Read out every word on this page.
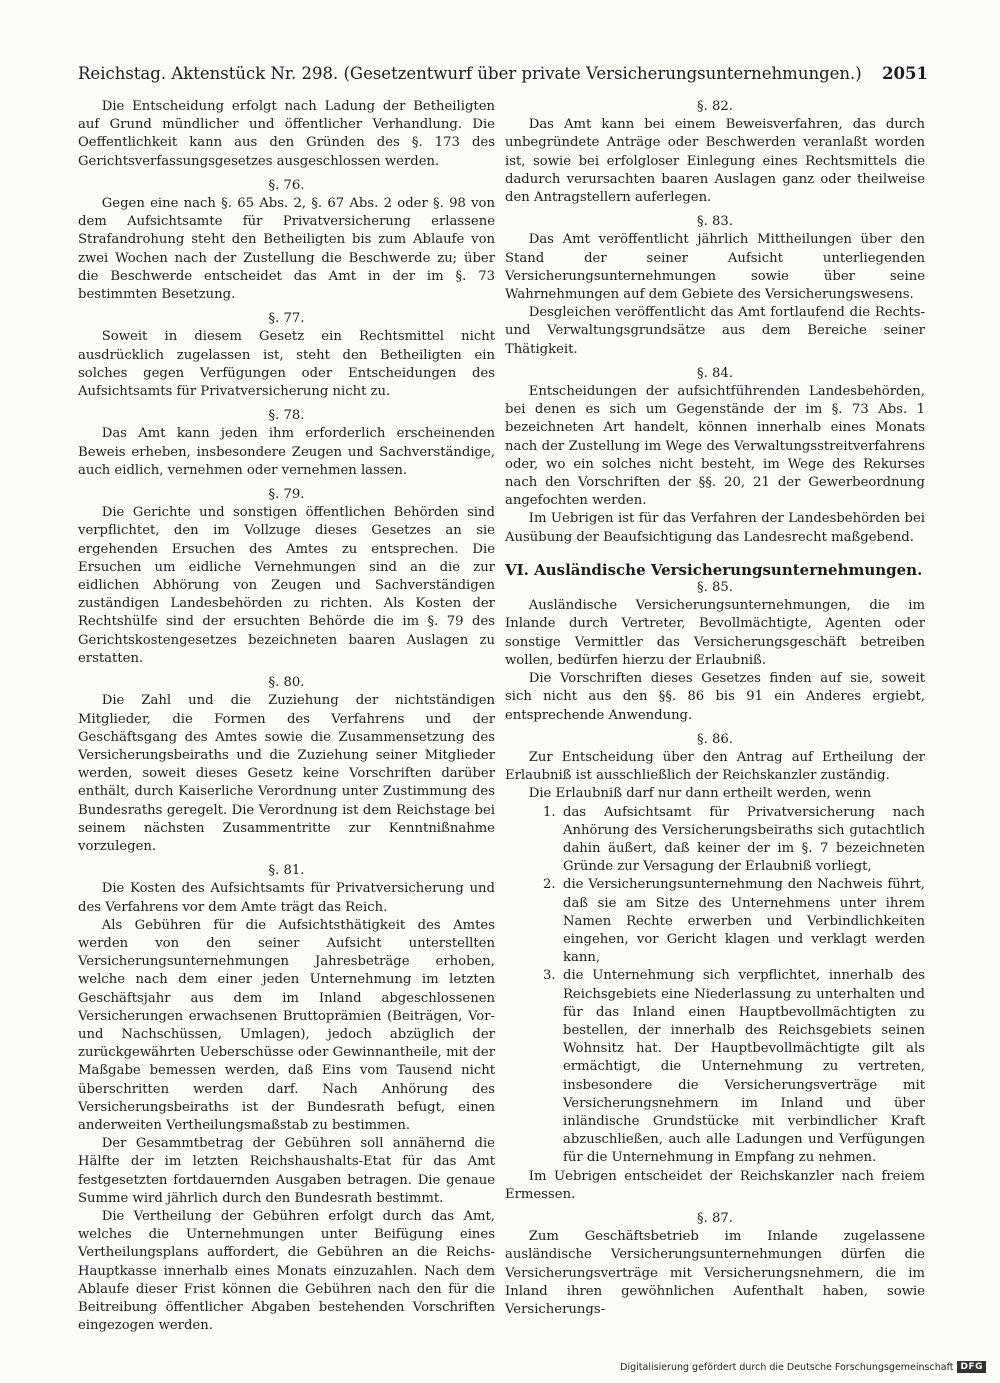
Reichstag. Aktenstück Nr. 298. (Gesetzentwurf über private Versicherungsunternehmungen.) 2051

Die Entscheidung erfolgt nach Ladung der Betheiligten auf Grund mündlicher und öffentlicher Verhandlung. Die Oeffentlichkeit kann aus den Gründen des §. 173 des Gerichtsverfassungsgesetzes ausgeschlossen werden.

§. 76.

Gegen eine nach §. 65 Abs. 2, §. 67 Abs. 2 oder §. 98 von dem Aufsichtsamte für Privatversicherung erlassene Strafandrohung steht den Betheiligten bis zum Ablaufe von zwei Wochen nach der Zustellung die Beschwerde zu; über die Beschwerde entscheidet das Amt in der im §. 73 bestimmten Besetzung.

§. 77.

Soweit in diesem Gesetz ein Rechtsmittel nicht ausdrücklich zugelassen ist, steht den Betheiligten ein solches gegen Verfügungen oder Entscheidungen des Aufsichtsamts für Privatversicherung nicht zu.

§. 78.

Das Amt kann jeden ihm erforderlich erscheinenden Beweis erheben, insbesondere Zeugen und Sachverständige, auch eidlich, vernehmen oder vernehmen lassen.

§. 79.

Die Gerichte und sonstigen öffentlichen Behörden sind verpflichtet, den im Vollzuge dieses Gesetzes an sie ergehenden Ersuchen des Amtes zu entsprechen. Die Ersuchen um eidliche Vernehmungen sind an die zur eidlichen Abhörung von Zeugen und Sachverständigen zuständigen Landesbehörden zu richten. Als Kosten der Rechtshülfe sind der ersuchten Behörde die im §. 79 des Gerichtskostengesetzes bezeichneten baaren Auslagen zu erstatten.

§. 80.

Die Zahl und die Zuziehung der nichtständigen Mitglieder, die Formen des Verfahrens und der Geschäftsgang des Amtes sowie die Zusammensetzung des Versicherungsbeiraths und die Zuziehung seiner Mitglieder werden, soweit dieses Gesetz keine Vorschriften darüber enthält, durch Kaiserliche Verordnung unter Zustimmung des Bundesraths geregelt. Die Verordnung ist dem Reichstage bei seinem nächsten Zusammentritte zur Kenntnißnahme vorzulegen.

§. 81.

Die Kosten des Aufsichtsamts für Privatversicherung und des Verfahrens vor dem Amte trägt das Reich.

Als Gebühren für die Aufsichtsthätigkeit des Amtes werden von den seiner Aufsicht unterstellten Versicherungsunternehmungen Jahresbeträge erhoben, welche nach dem einer jeden Unternehmung im letzten Geschäftsjahr aus dem im Inland abgeschlossenen Versicherungen erwachsenen Bruttoprämien (Beiträgen, Vor- und Nachschüssen, Umlagen), jedoch abzüglich der zurückgewährten Ueberschüsse oder Gewinnantheile, mit der Maßgabe bemessen werden, daß Eins vom Tausend nicht überschritten werden darf. Nach Anhörung des Versicherungsbeiraths ist der Bundesrath befugt, einen anderweiten Vertheilungsmaßstab zu bestimmen.

Der Gesammtbetrag der Gebühren soll annähernd die Hälfte der im letzten Reichshaushalts-Etat für das Amt festgesetzten fortdauernden Ausgaben betragen. Die genaue Summe wird jährlich durch den Bundesrath bestimmt.

Die Vertheilung der Gebühren erfolgt durch das Amt, welches die Unternehmungen unter Beifügung eines Vertheilungsplans auffordert, die Gebühren an die Reichs-Hauptkasse innerhalb eines Monats einzuzahlen. Nach dem Ablaufe dieser Frist können die Gebühren nach den für die Beitreibung öffentlicher Abgaben bestehenden Vorschriften eingezogen werden.

§. 82.

Das Amt kann bei einem Beweisverfahren, das durch unbegründete Anträge oder Beschwerden veranlaßt worden ist, sowie bei erfolgloser Einlegung eines Rechtsmittels die dadurch verursachten baaren Auslagen ganz oder theilweise den Antragstellern auferlegen.

§. 83.

Das Amt veröffentlicht jährlich Mittheilungen über den Stand der seiner Aufsicht unterliegenden Versicherungsunternehmungen sowie über seine Wahrnehmungen auf dem Gebiete des Versicherungswesens.

Desgleichen veröffentlicht das Amt fortlaufend die Rechts- und Verwaltungsgrundsätze aus dem Bereiche seiner Thätigkeit.

§. 84.

Entscheidungen der aufsichtführenden Landesbehörden, bei denen es sich um Gegenstände der im §. 73 Abs. 1 bezeichneten Art handelt, können innerhalb eines Monats nach der Zustellung im Wege des Verwaltungsstreitverfahrens oder, wo ein solches nicht besteht, im Wege des Rekurses nach den Vorschriften der §§. 20, 21 der Gewerbeordnung angefochten werden.

Im Uebrigen ist für das Verfahren der Landesbehörden bei Ausübung der Beaufsichtigung das Landesrecht maßgebend.

VI. Ausländische Versicherungsunternehmungen.
§. 85.

Ausländische Versicherungsunternehmungen, die im Inlande durch Vertreter, Bevollmächtigte, Agenten oder sonstige Vermittler das Versicherungsgeschäft betreiben wollen, bedürfen hierzu der Erlaubniß.

Die Vorschriften dieses Gesetzes finden auf sie, soweit sich nicht aus den §§. 86 bis 91 ein Anderes ergiebt, entsprechende Anwendung.

§. 86.

Zur Entscheidung über den Antrag auf Ertheilung der Erlaubniß ist ausschließlich der Reichskanzler zuständig.

Die Erlaubniß darf nur dann ertheilt werden, wenn

1. das Aufsichtsamt für Privatversicherung nach Anhörung des Versicherungsbeiraths sich gutachtlich dahin äußert, daß keiner der im §. 7 bezeichneten Gründe zur Versagung der Erlaubniß vorliegt,
2. die Versicherungsunternehmung den Nachweis führt, daß sie am Sitze des Unternehmens unter ihrem Namen Rechte erwerben und Verbindlichkeiten eingehen, vor Gericht klagen und verklagt werden kann,
3. die Unternehmung sich verpflichtet, innerhalb des Reichsgebiets eine Niederlassung zu unterhalten und für das Inland einen Hauptbevollmächtigten zu bestellen, der innerhalb des Reichsgebiets seinen Wohnsitz hat. Der Hauptbevollmächtigte gilt als ermächtigt, die Unternehmung zu vertreten, insbesondere die Versicherungsverträge mit Versicherungsnehmern im Inland und über inländische Grundstücke mit verbindlicher Kraft abzuschließen, auch alle Ladungen und Verfügungen für die Unternehmung in Empfang zu nehmen.

Im Uebrigen entscheidet der Reichskanzler nach freiem Ermessen.

§. 87.

Zum Geschäftsbetrieb im Inlande zugelassene ausländische Versicherungsunternehmungen dürfen die Versicherungsverträge mit Versicherungsnehmern, die im Inland ihren gewöhnlichen Aufenthalt haben, sowie Versicherungs-

Digitalisierung gefördert durch die Deutsche Forschungsgemeinschaft DFG
